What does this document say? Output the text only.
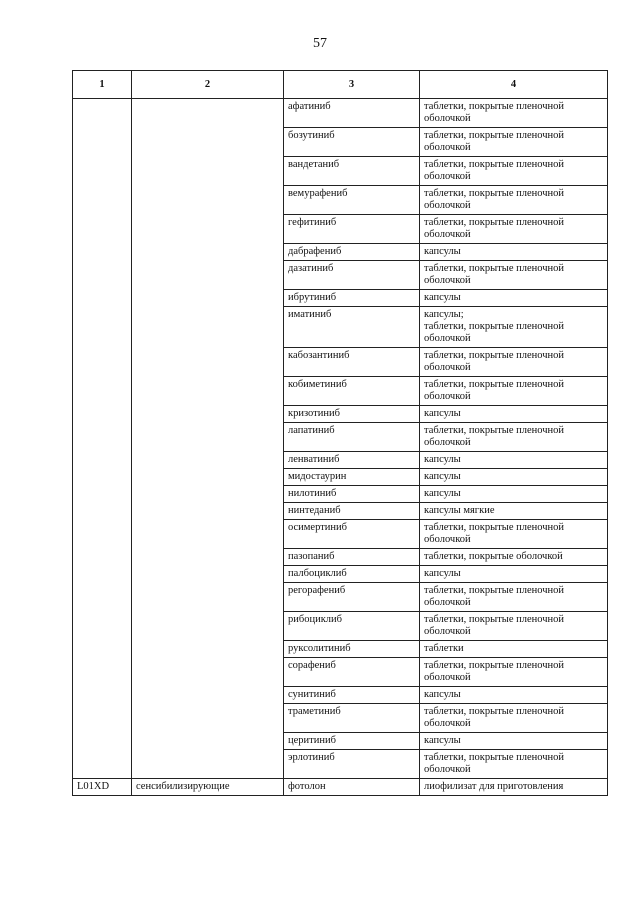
57
1	2	3	4
		афатиниб	таблетки, покрытые пленочной оболочкой
		бозутиниб	таблетки, покрытые пленочной оболочкой
		вандетаниб	таблетки, покрытые пленочной оболочкой
		вемурафениб	таблетки, покрытые пленочной оболочкой
		гефитиниб	таблетки, покрытые пленочной оболочкой
		дабрафениб	капсулы
		дазатиниб	таблетки, покрытые пленочной оболочкой
		ибрутиниб	капсулы
		иматиниб	капсулы;
таблетки, покрытые пленочной оболочкой
		кабозантиниб	таблетки, покрытые пленочной оболочкой
		кобиметиниб	таблетки, покрытые пленочной оболочкой
		кризотиниб	капсулы
		лапатиниб	таблетки, покрытые пленочной оболочкой
		ленватиниб	капсулы
		мидостаурин	капсулы
		нилотиниб	капсулы
		нинтеданиб	капсулы мягкие
		осимертиниб	таблетки, покрытые пленочной оболочкой
		пазопаниб	таблетки, покрытые оболочкой
		палбоциклиб	капсулы
		регорафениб	таблетки, покрытые пленочной оболочкой
		рибоциклиб	таблетки, покрытые пленочной оболочкой
		руксолитиниб	таблетки
		сорафениб	таблетки, покрытые пленочной оболочкой
		сунитиниб	капсулы
		траметиниб	таблетки, покрытые пленочной оболочкой
		церитиниб	капсулы
		эрлотиниб	таблетки, покрытые пленочной оболочкой
L01XD	сенсибилизирующие	фотолон	лиофилизат для приготовления
